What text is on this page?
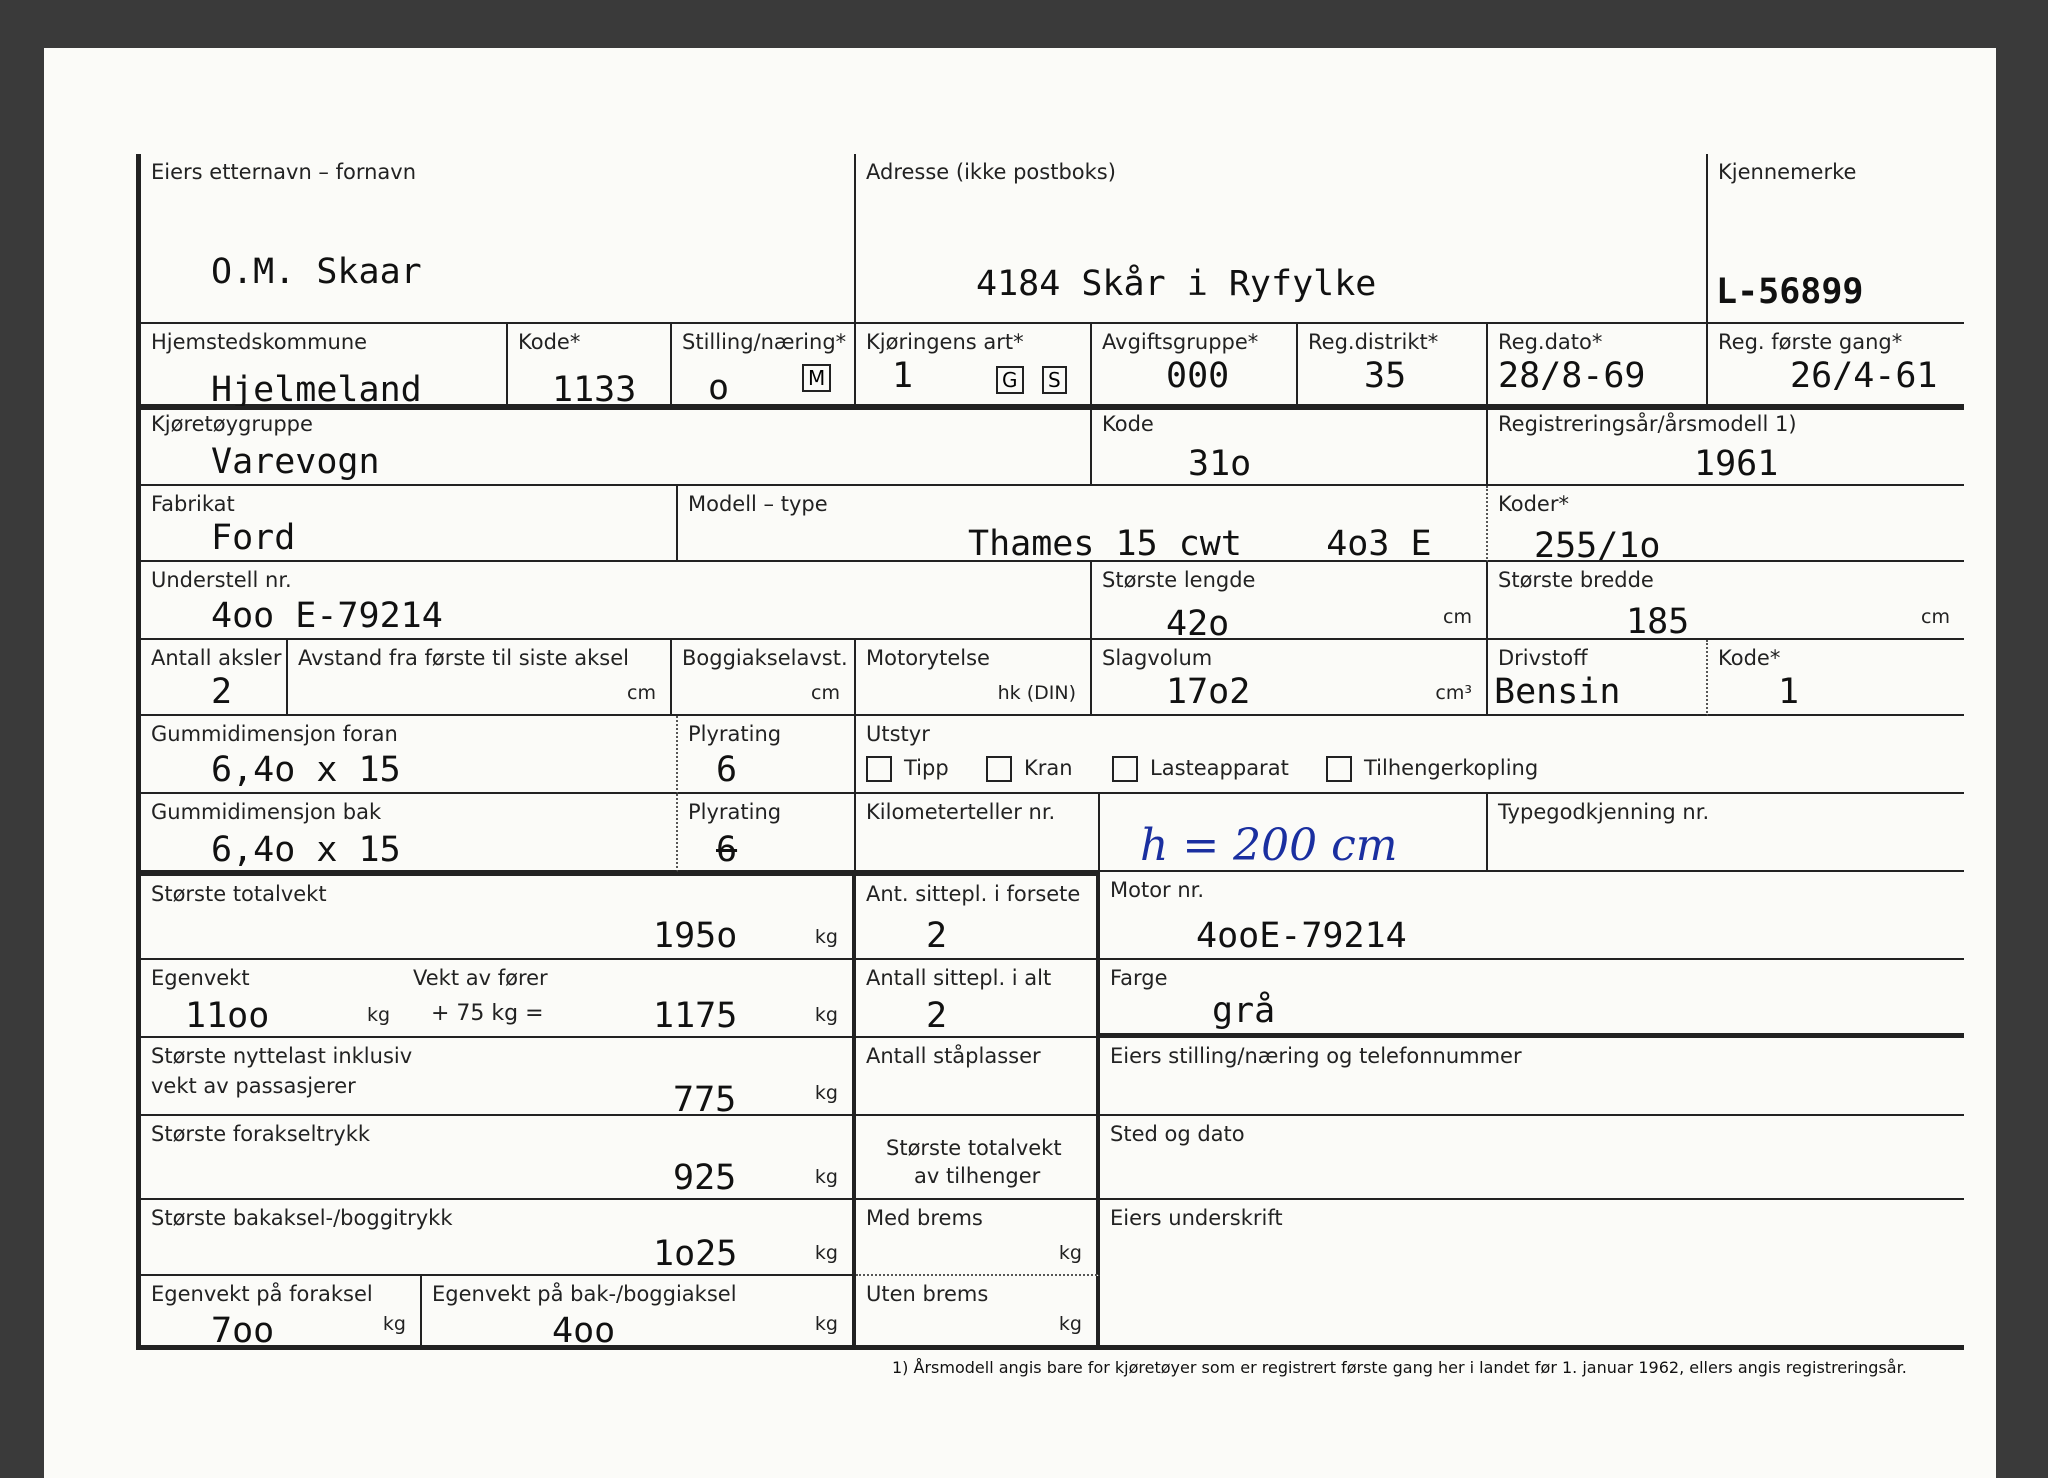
Eiers etternavn – fornavn
O.M. Skaar
Adresse (ikke postboks)
4184 Skår i Ryfylke
Kjennemerke
L-56899
Hjemstedskommune
Hjelmeland
Kode*
1133
Stilling/næring*
o	M
Kjøringens art*
1	G	S
Avgiftsgruppe*
000
Reg.distrikt*
35
Reg.dato*
28/8-69
Reg. første gang*
26/4-61
Kjøretøygruppe
Varevogn
Kode
31o
Registreringsår/årsmodell 1)
1961
Fabrikat
Ford
Modell – type
Thames 15 cwt    4o3 E
Koder*
255/1o
Understell nr.
4oo E-79214
Største lengde
42o	cm
Største bredde
185	cm
Antall aksler
2
Avstand fra første til siste aksel
cm
Boggiakselavst.
cm
Motorytelse
hk (DIN)
Slagvolum
17o2	cm³
Drivstoff
Bensin
Kode*
1
Gummidimensjon foran
6,4o x 15
Plyrating
6
Utstyr
Tipp	Kran	Lasteapparat	Tilhengerkopling
Gummidimensjon bak
6,4o x 15
Plyrating
6
Kilometerteller nr.
h = 200 cm
Typegodkjenning nr.
Største totalvekt
195o	kg
Egenvekt	Vekt av fører
11oo	kg + 75 kg =	1175	kg
Største nyttelast inklusiv
vekt av passasjerer	775	kg
Største forakseltrykk
925	kg
Største bakaksel-/boggitrykk
1o25	kg
Egenvekt på foraksel
7oo	kg
Egenvekt på bak-/boggiaksel
4oo	kg
Ant. sittepl. i forsete
2
Antall sittepl. i alt
2
Antall ståplasser
Største totalvekt
av tilhenger
Med brems
kg
Uten brems
kg
Motor nr.
4ooE-79214
Farge
grå
Eiers stilling/næring og telefonnummer
Sted og dato
Eiers underskrift
1) Årsmodell angis bare for kjøretøyer som er registrert første gang her i landet før 1. januar 1962, ellers angis registreringsår.
